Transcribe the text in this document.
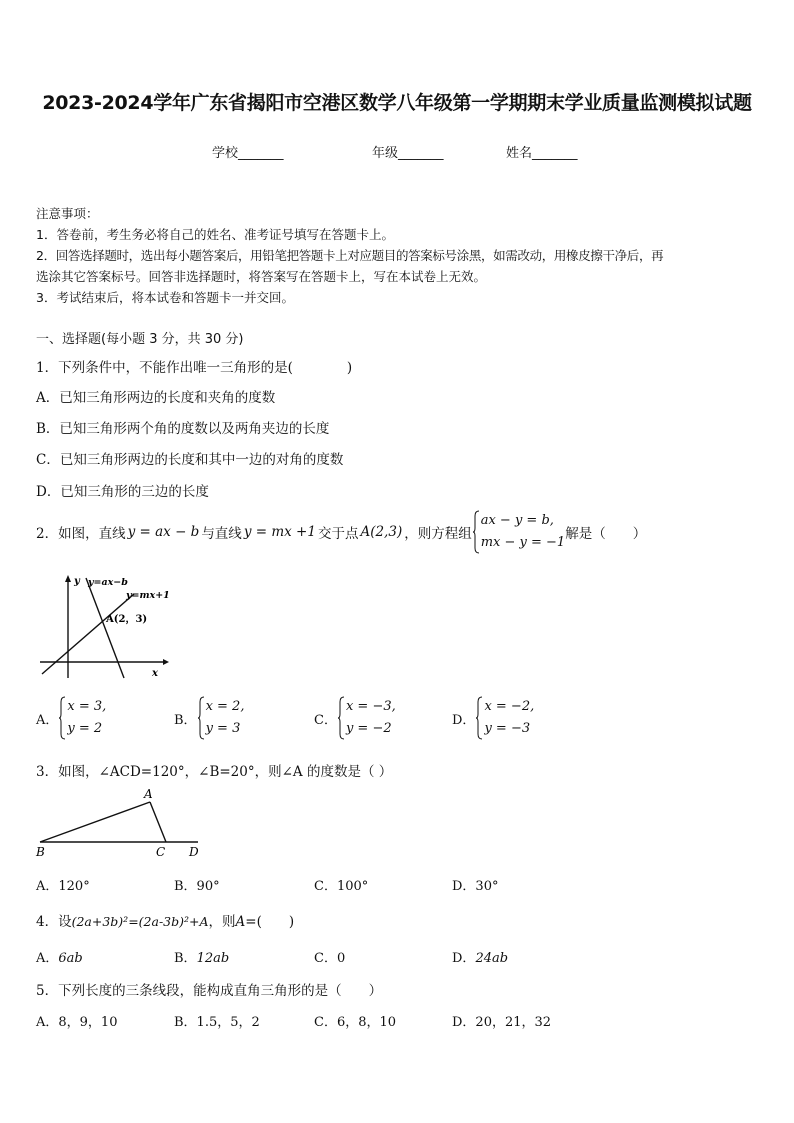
2023-2024学年广东省揭阳市空港区数学八年级第一学期期末学业质量监测模拟试题
学校_______	年级_______	姓名_______
注意事项：
1．答卷前，考生务必将自己的姓名、准考证号填写在答题卡上。
2．回答选择题时，选出每小题答案后，用铅笔把答题卡上对应题目的答案标号涂黑，如需改动，用橡皮擦干净后，再
选涂其它答案标号。回答非选择题时，将答案写在答题卡上，写在本试卷上无效。
3．考试结束后，将本试卷和答题卡一并交回。
一、选择题(每小题 3 分，共 30 分)
1．下列条件中，不能作出唯一三角形的是(　　　　)
A．已知三角形两边的长度和夹角的度数
B．已知三角形两个角的度数以及两角夹边的长度
C．已知三角形两边的长度和其中一边的对角的度数
D．已知三角形的三边的长度
2．如图，直线 y = ax − b 与直线 y = mx +1 交于点 A(2,3) ，则方程组
ax − y = b,
mx − y = −1
解是（　　）
y
x
y=ax−b
y=mx+1
A(2，3)
A．
x = 3,
y = 2
B．
x = 2,
y = 3
C．
x = −3,
y = −2
D．
x = −2,
y = −3
3．如图，∠ACD=120°，∠B=20°，则∠A 的度数是（ ）
A
B	C D
A．120°	B．90°	C．100°	D．30°
4．设(2a+3b)²=(2a-3b)²+A，则A=(　　)
A．6ab	B．12ab	C．0	D．24ab
5．下列长度的三条线段，能构成直角三角形的是（　　）
A．8，9，10	B．1.5，5，2	C．6，8，10	D．20，21，32
